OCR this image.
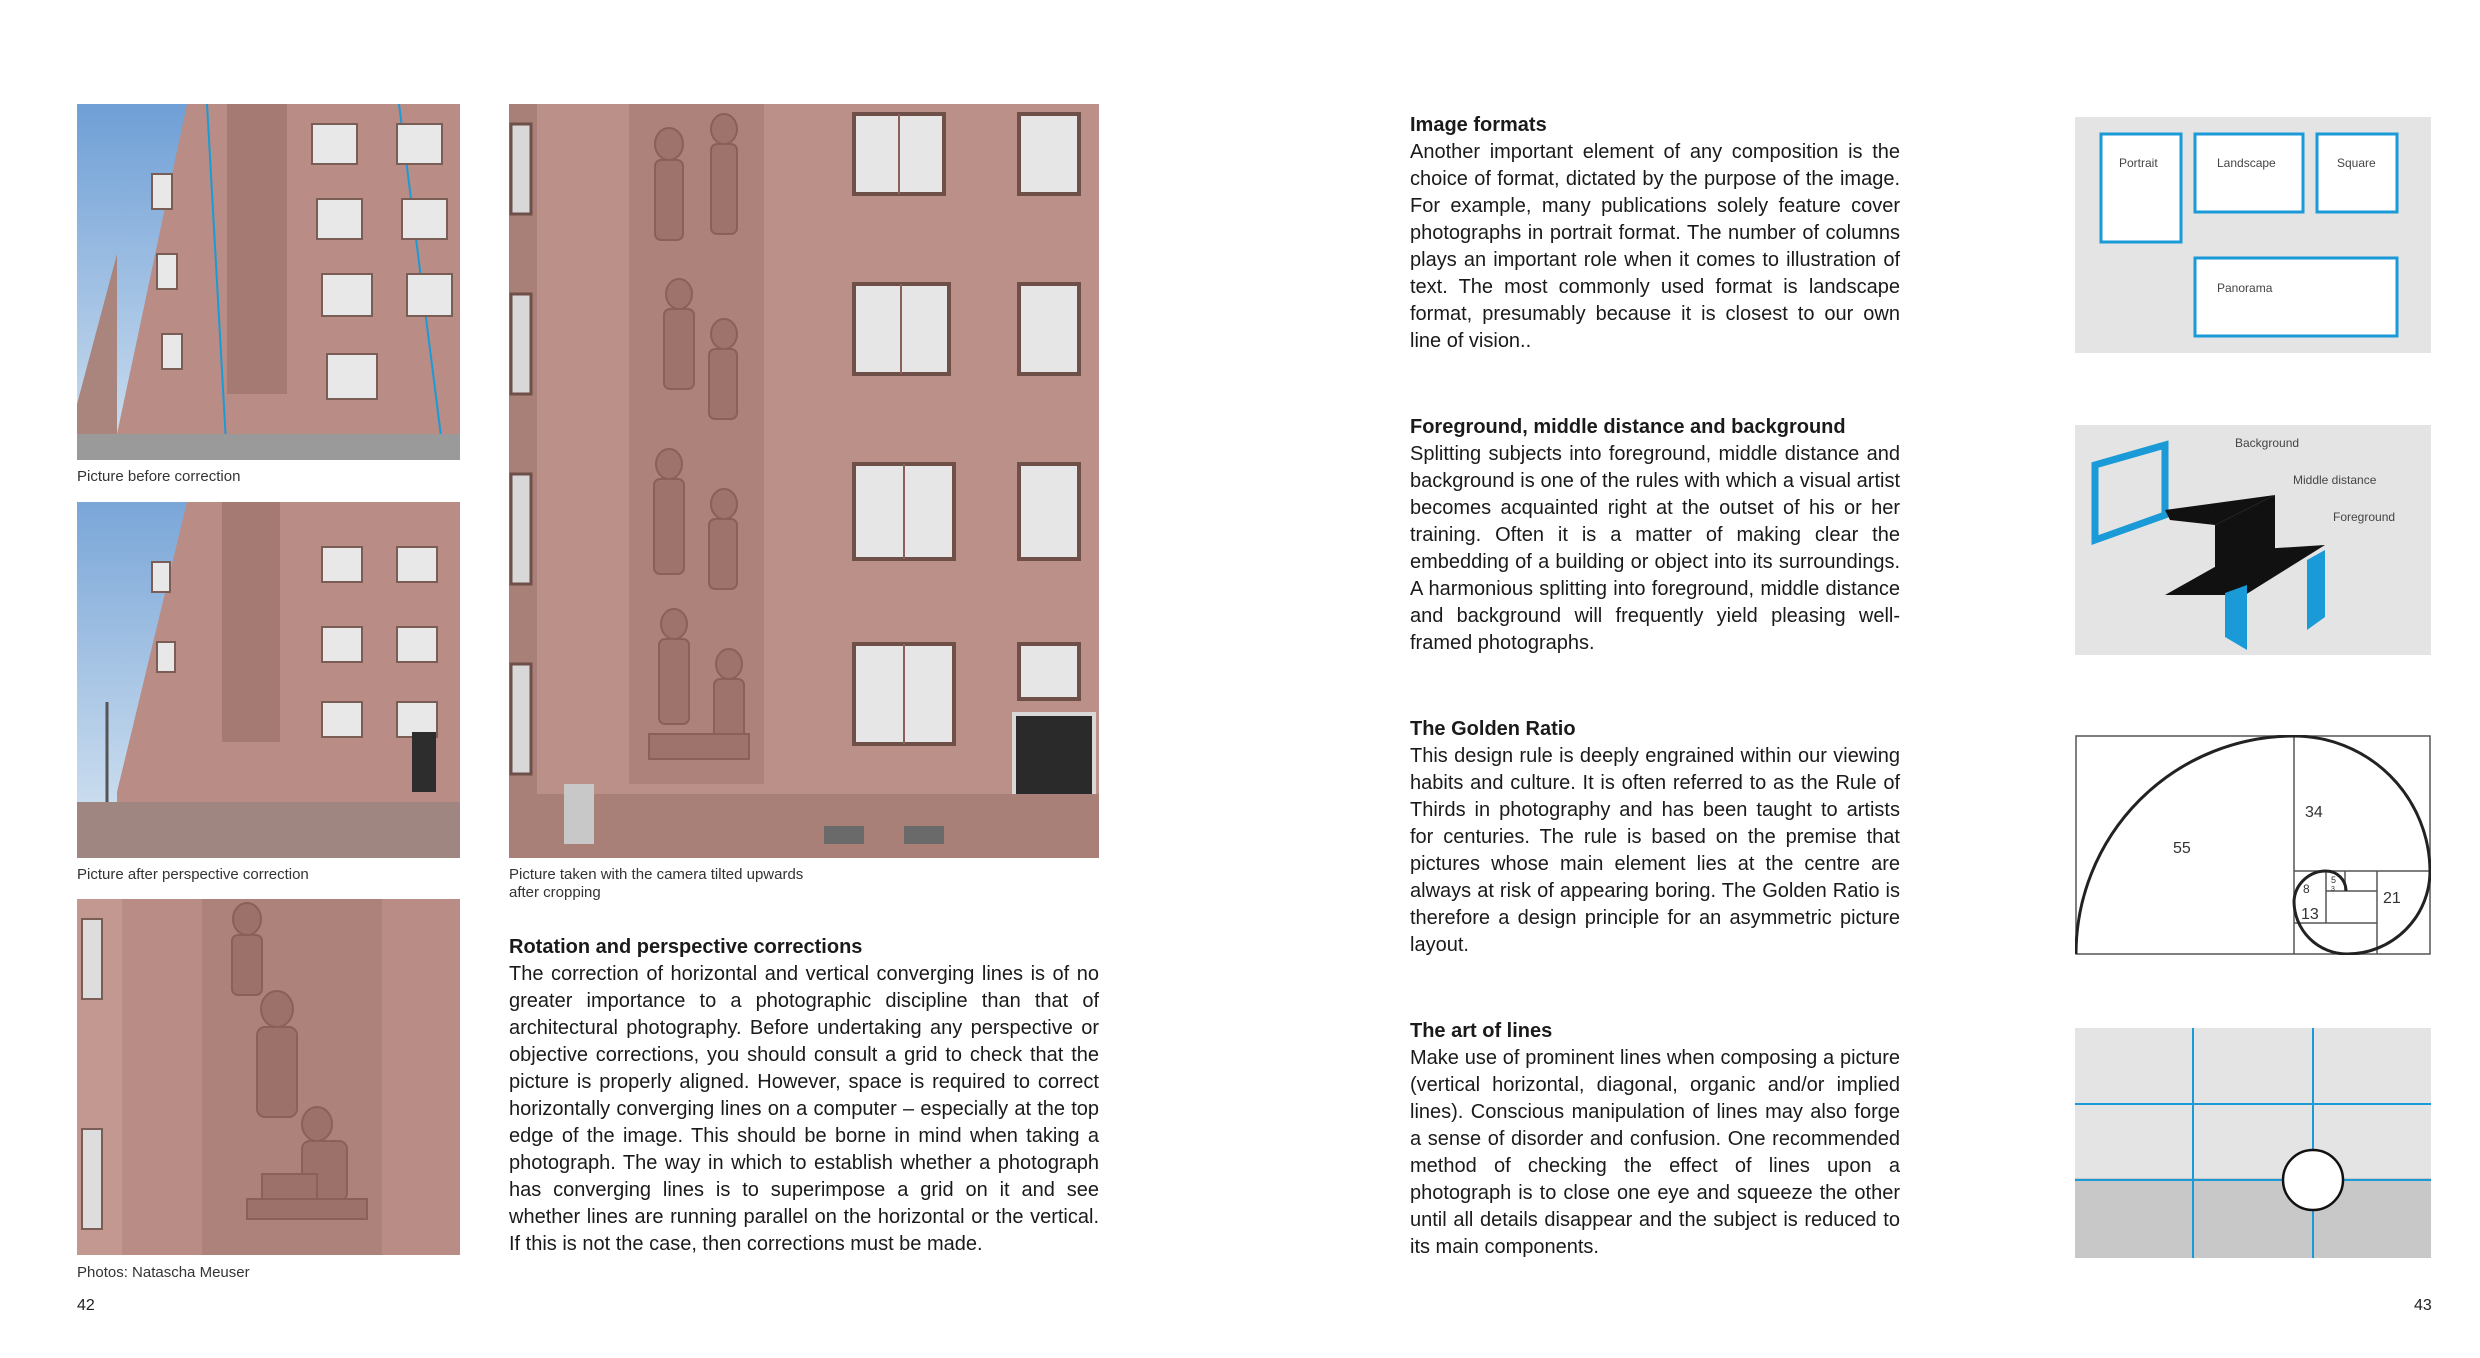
Picture before correction

Picture after perspective correction

Photos: Natascha Meuser

Picture taken with the camera tilted upwards
after cropping

Rotation and perspective corrections
The correction of horizontal and vertical converging lines is of no greater importance to a photographic discipline than that of architectural photography. Before undertaking any perspective or objective corrections, you should consult a grid to check that the picture is properly aligned. However, space is required to correct horizontally converging lines on a computer – especially at the top edge of the image. This should be borne in mind when taking a photograph. The way in which to establish whether a photograph has converging lines is to superimpose a grid on it and see whether lines are running parallel on the horizontal or the vertical. If this is not the case, then corrections must be made.
42
Image formats
Another important element of any composition is the choice of format, dictated by the purpose of the image. For example, many publications solely feature cover photographs in portrait format. The number of columns plays an important role when it comes to illustration of text. The most commonly used format is landscape format, presumably because it is closest to our own line of vision..
Foreground, middle distance and background
Splitting subjects into foreground, middle distance and background is one of the rules with which a visual artist becomes acquainted right at the outset of his or her training. Often it is a matter of making clear the embedding of a building or object into its surroundings. A harmonious splitting into foreground, middle distance and background will frequently yield pleasing well-framed photographs.
The Golden Ratio
This design rule is deeply engrained within our viewing habits and culture. It is often referred to as the Rule of Thirds in photography and has been taught to artists for centuries. The rule is based on the premise that pictures whose main element lies at the centre are always at risk of appearing boring. The Golden Ratio is therefore a design principle for an asymmetric picture layout.
The art of lines
Make use of prominent lines when composing a picture (vertical horizontal, diagonal, organic and/or implied lines). Conscious manipulation of lines may also forge a sense of disorder and confusion. One recommended method of checking the effect of lines upon a photograph is to close one eye and squeeze the other until all details disappear and the subject is reduced to its main components.
Portrait	Landscape	Square
Panorama
Background
Middle distance
Foreground
55
34
21
13
8
5
3
43
